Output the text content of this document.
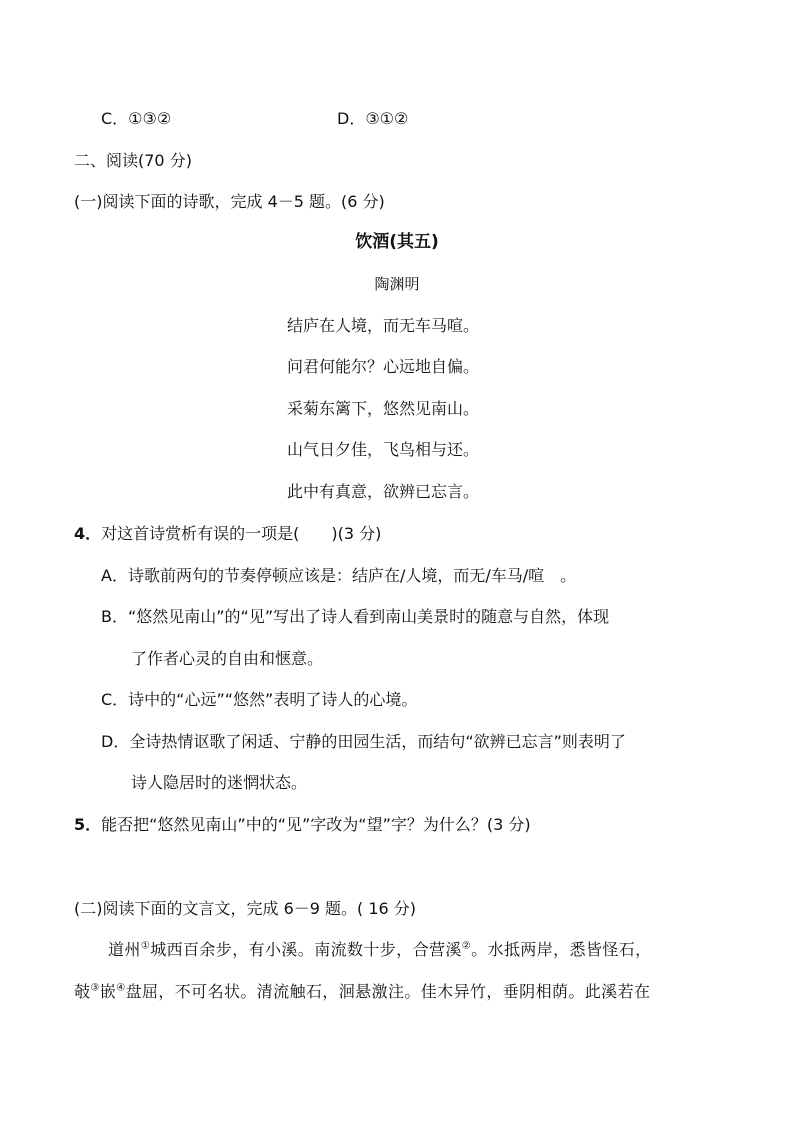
C．①③②	D．③①②
二、阅读(70 分)
(一)阅读下面的诗歌，完成 4－5 题。(6 分)
饮酒(其五)
陶渊明
结庐在人境，而无车马喧。
问君何能尔？心远地自偏。
采菊东篱下，悠然见南山。
山气日夕佳，飞鸟相与还。
此中有真意，欲辨已忘言。
4．对这首诗赏析有误的一项是(　　)(3 分)
A．诗歌前两句的节奏停顿应该是：结庐在/人境，而无/车马/喧　。
B．“悠然见南山”的“见”写出了诗人看到南山美景时的随意与自然，体现
了作者心灵的自由和惬意。
C．诗中的“心远”“悠然”表明了诗人的心境。
D．全诗热情讴歌了闲适、宁静的田园生活，而结句“欲辨已忘言”则表明了
诗人隐居时的迷惘状态。
5．能否把“悠然见南山”中的“见”字改为“望”字？为什么？(3 分)
(二)阅读下面的文言文，完成 6－9 题。( 16 分)
道州①城西百余步，有小溪。南流数十步，合营溪②。水抵两岸，悉皆怪石，
攲③嵌④盘屈，不可名状。清流触石，洄悬激注。佳木异竹，垂阴相荫。此溪若在
